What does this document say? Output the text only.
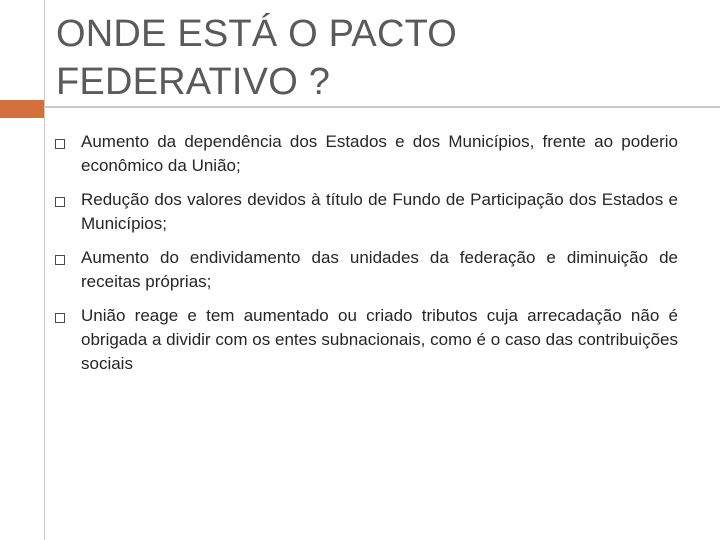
ONDE ESTÁ O PACTO
FEDERATIVO ?
Aumento da dependência dos Estados e dos Municípios, frente ao poderio econômico da União;
Redução dos valores devidos à título de Fundo de Participação dos Estados e Municípios;
Aumento do endividamento das unidades da federação e diminuição de receitas próprias;
União reage e tem aumentado ou criado tributos cuja arrecadação não é obrigada a dividir com os entes subnacionais, como é o caso das contribuições sociais
